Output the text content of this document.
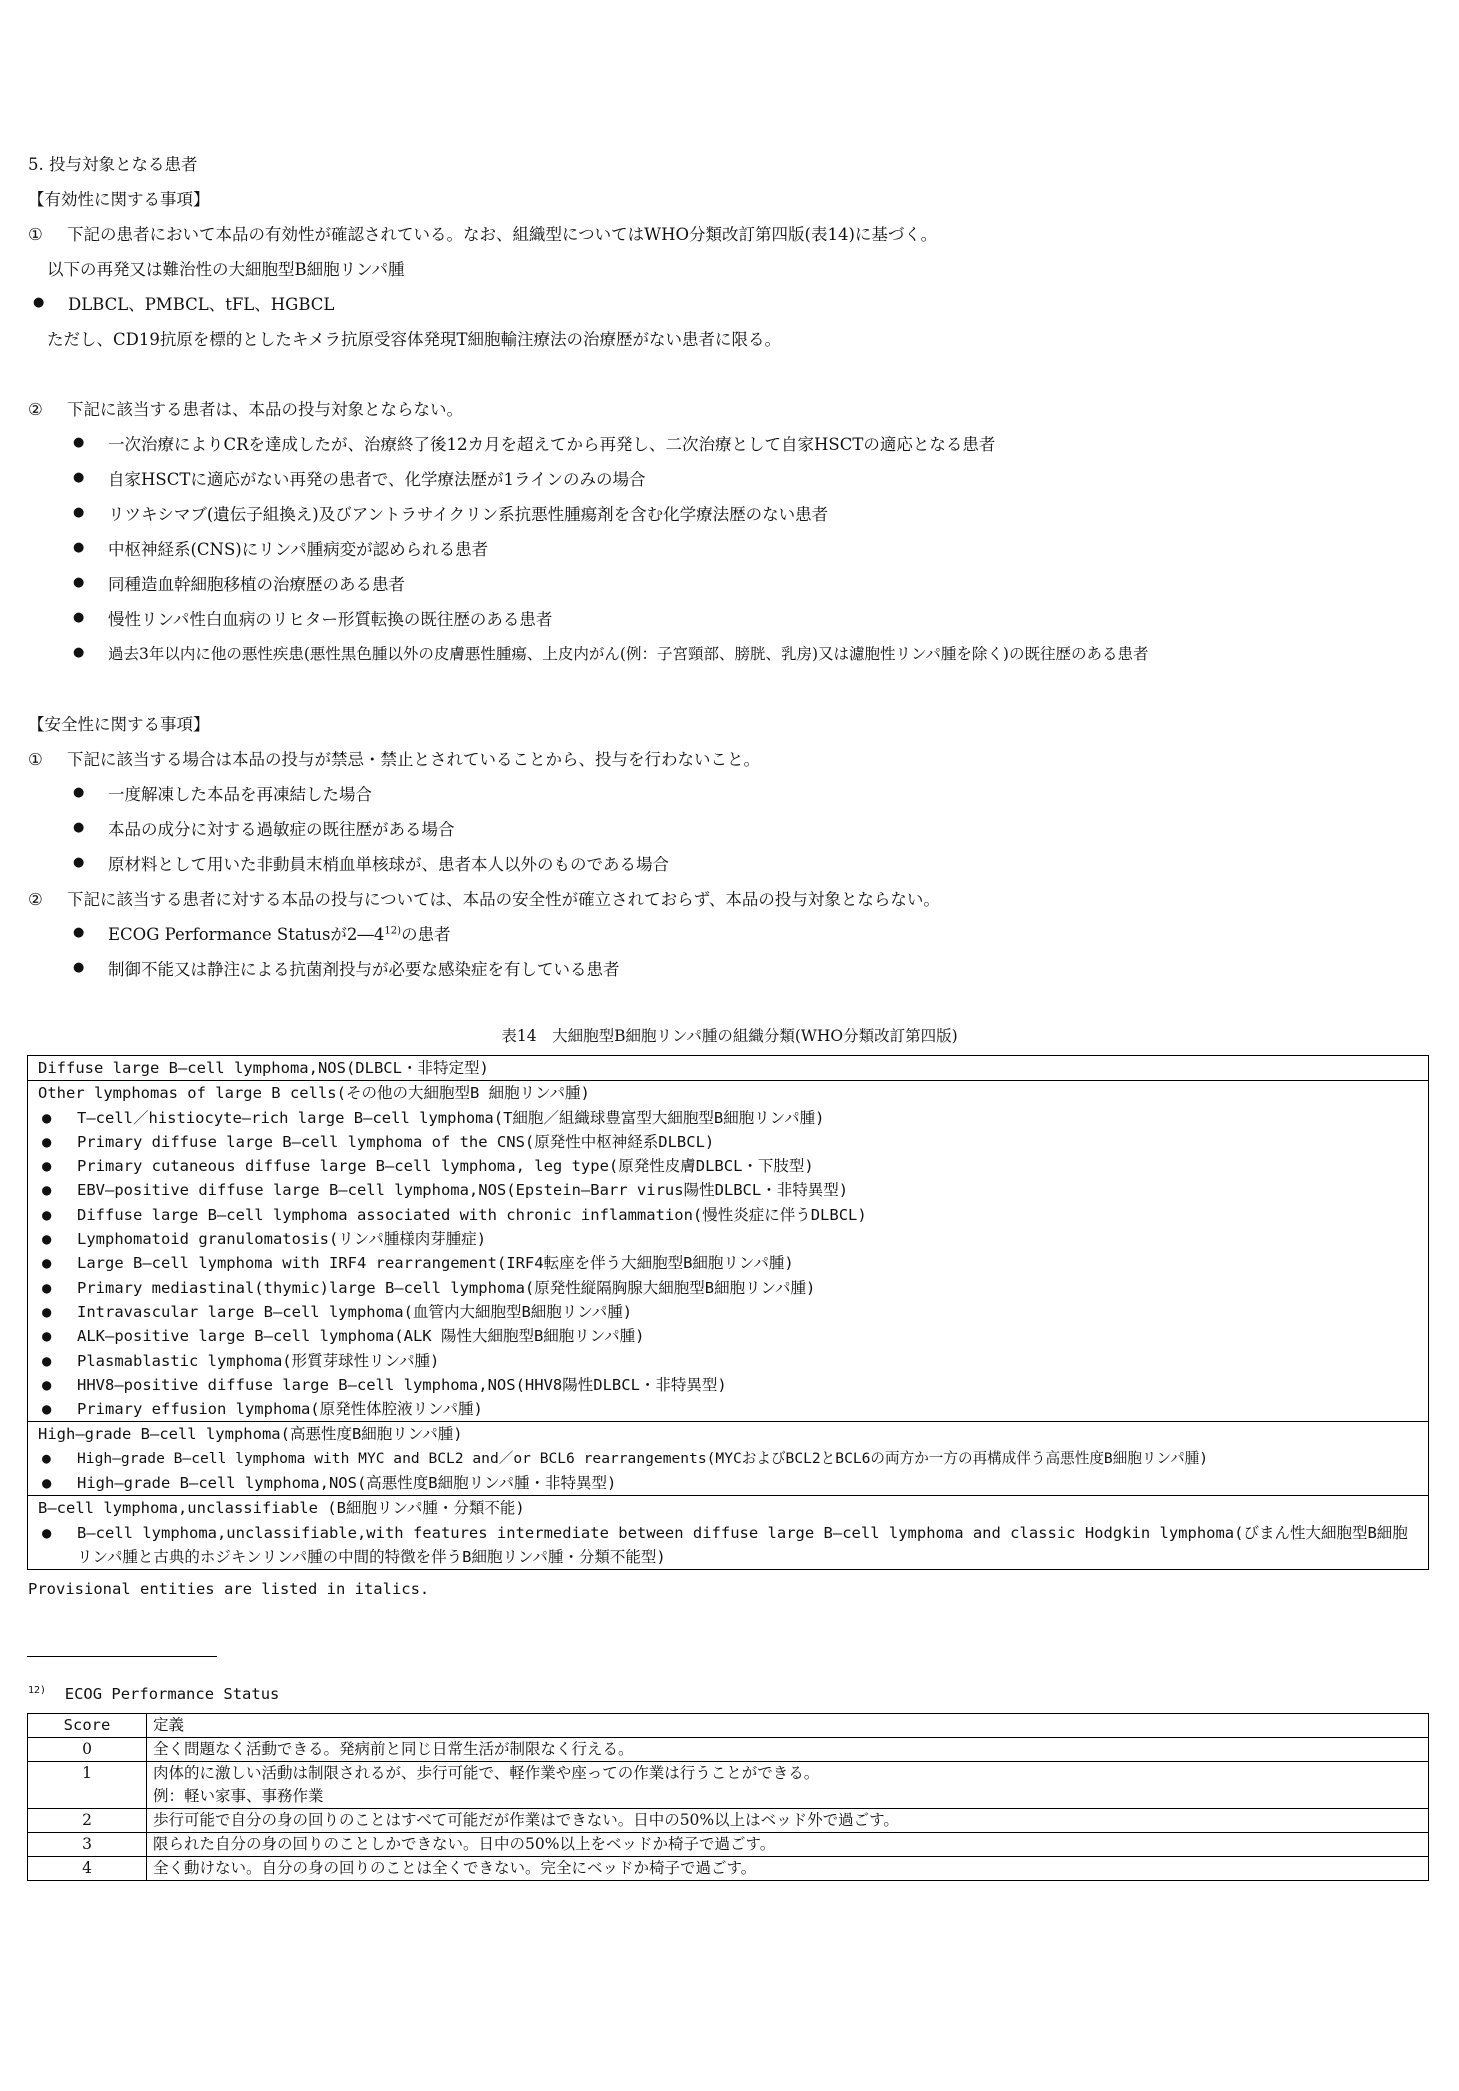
5. 投与対象となる患者
【有効性に関する事項】
① 下記の患者において本品の有効性が確認されている。なお、組織型についてはWHO分類改訂第四版(表14)に基づく。
以下の再発又は難治性の大細胞型B細胞リンパ腫
● DLBCL、PMBCL、tFL、HGBCL
ただし、CD19抗原を標的としたキメラ抗原受容体発現T細胞輸注療法の治療歴がない患者に限る。
② 下記に該当する患者は、本品の投与対象とならない。
● 一次治療によりCRを達成したが、治療終了後12カ月を超えてから再発し、二次治療として自家HSCTの適応となる患者
● 自家HSCTに適応がない再発の患者で、化学療法歴が1ラインのみの場合
● リツキシマブ(遺伝子組換え)及びアントラサイクリン系抗悪性腫瘍剤を含む化学療法歴のない患者
● 中枢神経系(CNS)にリンパ腫病変が認められる患者
● 同種造血幹細胞移植の治療歴のある患者
● 慢性リンパ性白血病のリヒター形質転換の既往歴のある患者
● 過去3年以内に他の悪性疾患(悪性黒色腫以外の皮膚悪性腫瘍、上皮内がん(例：子宮頸部、膀胱、乳房)又は濾胞性リンパ腫を除く)の既往歴のある患者
【安全性に関する事項】
① 下記に該当する場合は本品の投与が禁忌・禁止とされていることから、投与を行わないこと。
● 一度解凍した本品を再凍結した場合
● 本品の成分に対する過敏症の既往歴がある場合
● 原材料として用いた非動員末梢血単核球が、患者本人以外のものである場合
② 下記に該当する患者に対する本品の投与については、本品の安全性が確立されておらず、本品の投与対象とならない。
● ECOG Performance Statusが2―4$^{12)}$の患者
● 制御不能又は静注による抗菌剤投与が必要な感染症を有している患者
表14　大細胞型B細胞リンパ腫の組織分類(WHO分類改訂第四版)
Diffuse large B―cell lymphoma,NOS(DLBCL・非特定型)
Other lymphomas of large B cells(その他の大細胞型B 細胞リンパ腫)
● T―cell／histiocyte―rich large B―cell lymphoma(T細胞／組織球豊富型大細胞型B細胞リンパ腫)
● Primary diffuse large B―cell lymphoma of the CNS(原発性中枢神経系DLBCL)
● Primary cutaneous diffuse large B―cell lymphoma, leg type(原発性皮膚DLBCL・下肢型)
● EBV―positive diffuse large B―cell lymphoma,NOS(Epstein―Barr virus陽性DLBCL・非特異型)
● Diffuse large B―cell lymphoma associated with chronic inflammation(慢性炎症に伴うDLBCL)
● Lymphomatoid granulomatosis(リンパ腫様肉芽腫症)
● Large B―cell lymphoma with IRF4 rearrangement(IRF4転座を伴う大細胞型B細胞リンパ腫)
● Primary mediastinal(thymic)large B―cell lymphoma(原発性縦隔胸腺大細胞型B細胞リンパ腫)
● Intravascular large B―cell lymphoma(血管内大細胞型B細胞リンパ腫)
● ALK―positive large B―cell lymphoma(ALK 陽性大細胞型B細胞リンパ腫)
● Plasmablastic lymphoma(形質芽球性リンパ腫)
● HHV8―positive diffuse large B―cell lymphoma,NOS(HHV8陽性DLBCL・非特異型)
● Primary effusion lymphoma(原発性体腔液リンパ腫)
High―grade B―cell lymphoma(高悪性度B細胞リンパ腫)
● High―grade B―cell lymphoma with MYC and BCL2 and／or BCL6 rearrangements(MYCおよびBCL2とBCL6の両方か一方の再構成伴う高悪性度B細胞リンパ腫)
● High―grade B―cell lymphoma,NOS(高悪性度B細胞リンパ腫・非特異型)
B―cell lymphoma,unclassifiable (B細胞リンパ腫・分類不能)
●	B―cell lymphoma,unclassifiable,with features intermediate between diffuse large B―cell lymphoma and classic Hodgkin lymphoma(びまん性大細胞型B細胞リンパ腫と古典的ホジキンリンパ腫の中間的特徴を伴うB細胞リンパ腫・分類不能型)
Provisional entities are listed in italics.
$^{12)}$ ECOG Performance Status
Score	定義
0	全く問題なく活動できる。発病前と同じ日常生活が制限なく行える。
1	肉体的に激しい活動は制限されるが、歩行可能で、軽作業や座っての作業は行うことができる。
例：軽い家事、事務作業

2	歩行可能で自分の身の回りのことはすべて可能だが作業はできない。日中の50%以上はベッド外で過ごす。
3	限られた自分の身の回りのことしかできない。日中の50%以上をベッドか椅子で過ごす。
4	全く動けない。自分の身の回りのことは全くできない。完全にベッドか椅子で過ごす。
